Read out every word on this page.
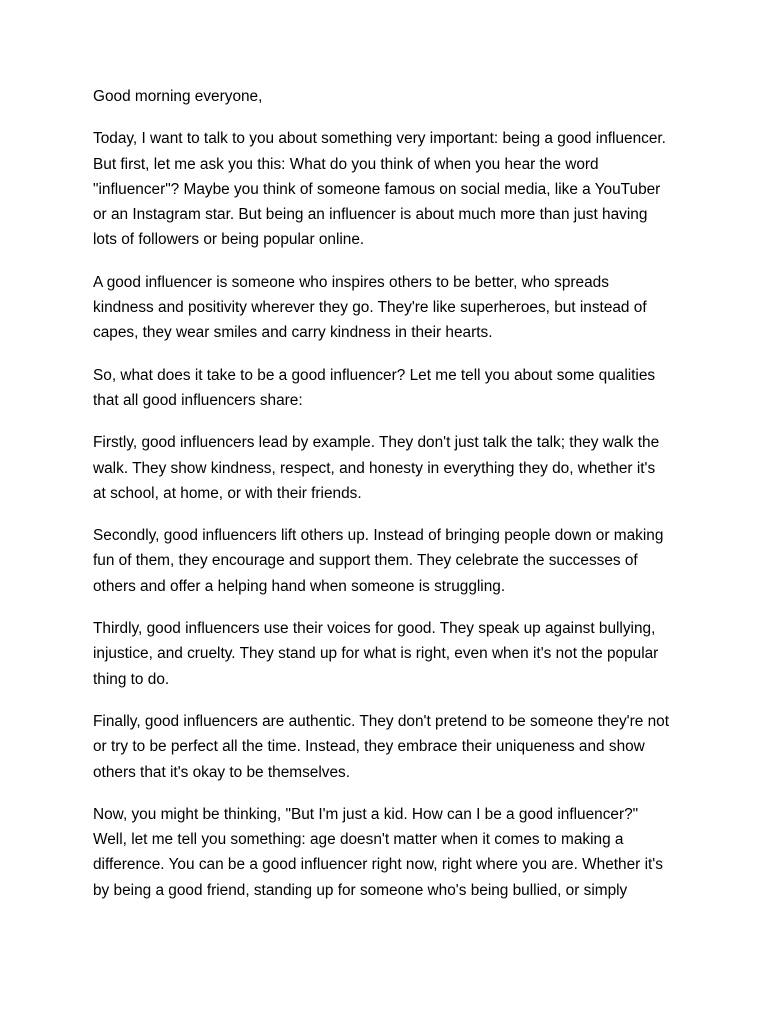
Good morning everyone,

Today, I want to talk to you about something very important: being a good influencer.
But first, let me ask you this: What do you think of when you hear the word
"influencer"? Maybe you think of someone famous on social media, like a YouTuber
or an Instagram star. But being an influencer is about much more than just having
lots of followers or being popular online.

A good influencer is someone who inspires others to be better, who spreads
kindness and positivity wherever they go. They're like superheroes, but instead of
capes, they wear smiles and carry kindness in their hearts.

So, what does it take to be a good influencer? Let me tell you about some qualities
that all good influencers share:

Firstly, good influencers lead by example. They don't just talk the talk; they walk the
walk. They show kindness, respect, and honesty in everything they do, whether it's
at school, at home, or with their friends.

Secondly, good influencers lift others up. Instead of bringing people down or making
fun of them, they encourage and support them. They celebrate the successes of
others and offer a helping hand when someone is struggling.

Thirdly, good influencers use their voices for good. They speak up against bullying,
injustice, and cruelty. They stand up for what is right, even when it's not the popular
thing to do.

Finally, good influencers are authentic. They don't pretend to be someone they're not
or try to be perfect all the time. Instead, they embrace their uniqueness and show
others that it's okay to be themselves.

Now, you might be thinking, "But I'm just a kid. How can I be a good influencer?"
Well, let me tell you something: age doesn't matter when it comes to making a
difference. You can be a good influencer right now, right where you are. Whether it's
by being a good friend, standing up for someone who's being bullied, or simply
